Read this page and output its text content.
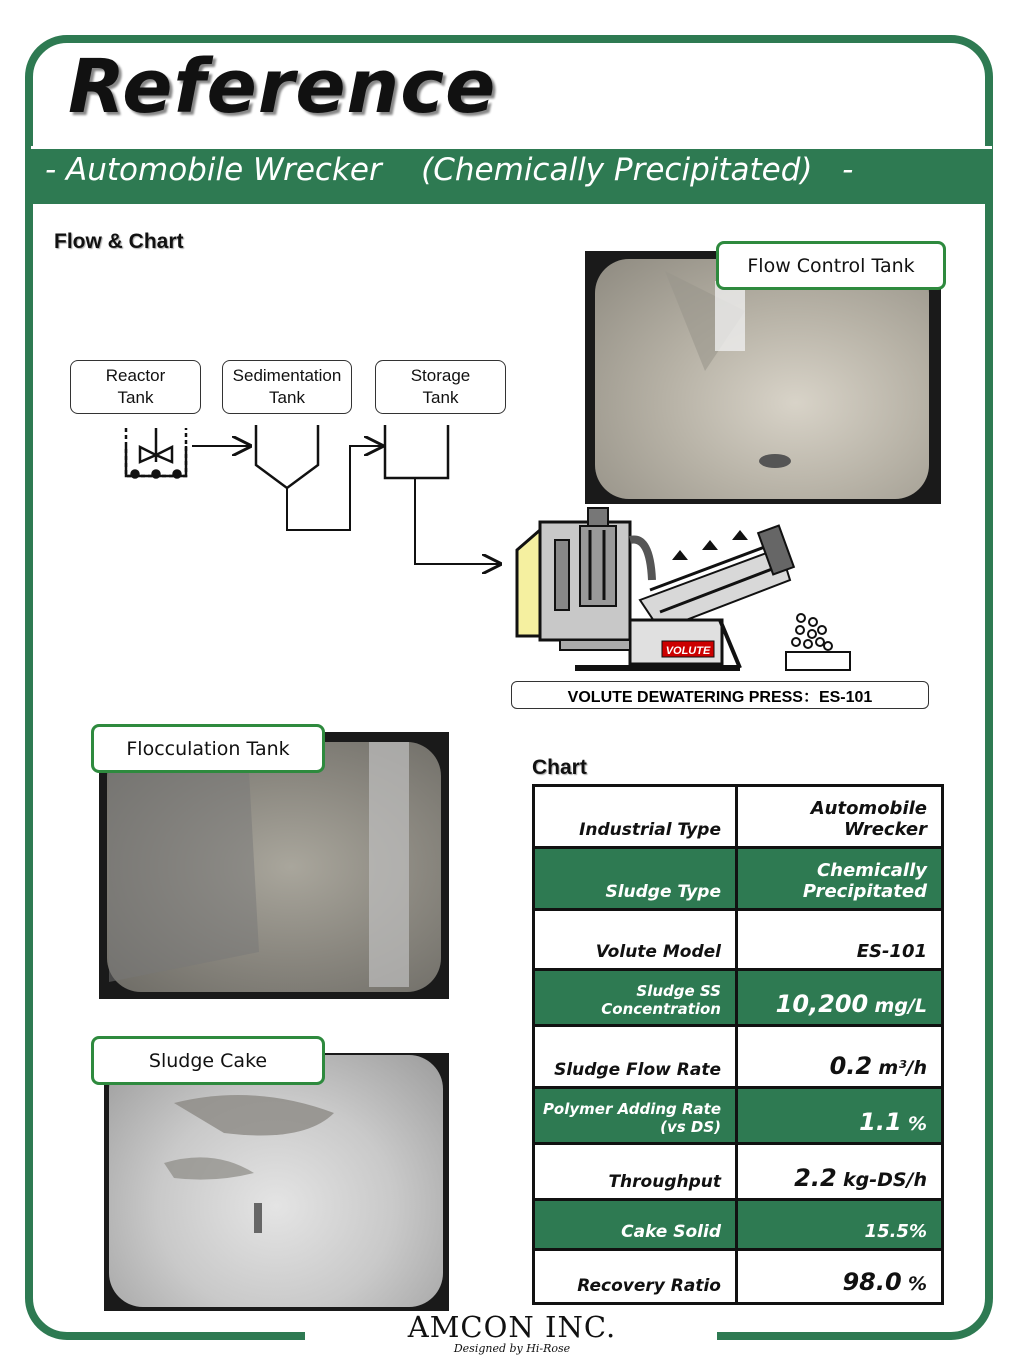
Reference
- Automobile Wrecker    (Chemically Precipitated)   -
Flow & Chart
Reactor
Tank
Sedimentation
Tank
Storage
Tank
VOLUTE
VOLUTE DEWATERING PRESS：ES-101
Flow Control Tank
Flocculation Tank
Sludge Cake
Chart
Industrial Type	Automobile Wrecker
Sludge Type	Chemically Precipitated
Volute Model	ES-101
Sludge SS Concentration	10,200 mg/L
Sludge Flow Rate	0.2 m³/h
Polymer Adding Rate (vs DS)	1.1 %
Throughput	2.2 kg-DS/h
Cake Solid	15.5%
Recovery Ratio	98.0 %
AMCON INC.
Designed by Hi-Rose
